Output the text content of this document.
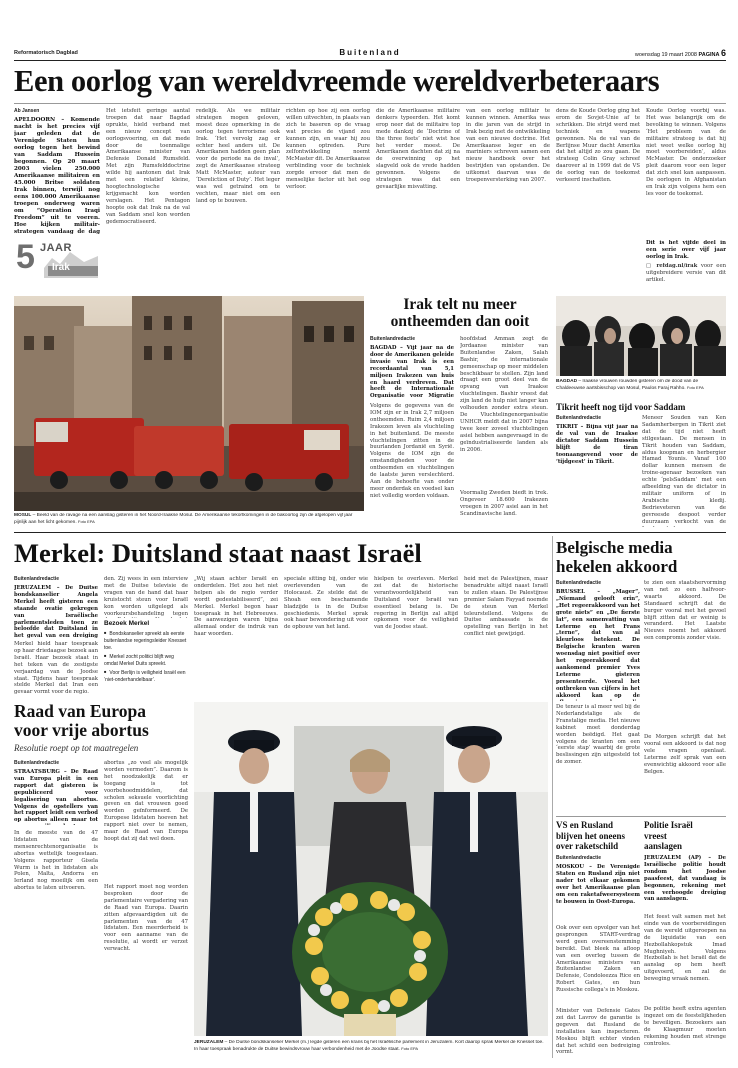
Reformatorisch Dagblad	Buitenland	woensdag 19 maart 2008 PAGINA 6
Een oorlog van wereldvreemde wereldverbeteraars
Ab Jansen

APELDOORN – Komende nacht is het precies vijf jaar geleden dat de Verenigde Staten hun oorlog tegen het bewind van Saddam Hussein begonnen. Op 20 maart 2003 vielen 250.000 Amerikaanse militairen en 45.000 Britse soldaten Irak binnen, terwijl nog eens 100.000 Amerikaanse troepen onderweg waren om “Operation Iraqi Freedom” uit te voeren. Hoe kijken militair-strategen vandaag de dag

5 JAAR
Irak

Het ietsfeit geringe aantal troepen dat naar Bagdad oprukte, hield verband met een nieuw concept van oorlogsvoering, en dat mede door de toenmalige Amerikaanse minister van Defensie Donald Rumsfeld. Met zijn Rumsfelddoctrine wilde hij aantonen dat Irak met een relatief kleine, hoogtechnologische krijgsmacht kon worden verslagen. Het Pentagon hoopte ook dat Irak na de val van Saddam snel kon worden gedemocratiseerd.

redelijk. Als we militair strategen mogen geloven, moest deze opmerking in de oorlog tegen terrorisme ook Irak. ‘Het vervolg zag er echter heel anders uit. De Amerikanen hadden geen plan voor de periode na de inval’, zegt de Amerikaanse strateeg Matt McMaster, auteur van ‘Dereliction of Duty’. Het leger was wel getraind om te vechten, maar niet om een land op te bouwen.

richten op hoe zij een oorlog willen uitvechten, in plaats van zich te baseren op de vraag wat precies de vijand zou kunnen zijn, en waar hij zou kunnen optreden. Pure zelfontwikkeling noemt McMaster dit. De Amerikaanse verblinding voor de techniek zorgde ervoor dat men de menselijke factor uit het oog verloor.

die de Amerikaanse militaire denkers typeerden. Het komt erop neer dat de militaire top mede dankzij de ‘Doctrine of the three feets’ niet wist hoe het verder moest. De Amerikanen dachten dat zij na de overwinning op het slagveld ook de vrede hadden gewonnen. Volgens de strategen was dat een gevaarlijke misvatting.

van een oorlog militair te kunnen winnen. Amerika was in die jaren van de strijd in Irak bezig met de ontwikkeling van een nieuwe doctrine. Het Amerikaanse leger en de mariniers schreven samen een nieuw handboek over het bestrijden van opstanden. De uitkomst daarvan was de troepenversterking van 2007.

dens de Koude Oorlog ging het erom de Sovjet-Unie af te schrikken. Die strijd werd met techniek en wapens gewonnen. Na de val van de Berlijnse Muur dacht Amerika dat het altijd zo zou gaan. De strateeg Colin Gray schreef daarover al in 1999 dat de VS de oorlog van de toekomst verkeerd inschatten.

Koude Oorlog voorbij was. Het was belangrijk om de bevolking te winnen. Volgens ‘Het probleem van de militaire strateeg is dat hij niet weet welke oorlog hij moet voorbereiden’, aldus McMaster. De onderzoeker pleit daarom voor een leger dat zich snel kan aanpassen. De oorlogen in Afghanistan en Irak zijn volgens hem een les voor de toekomst.

Dit is het vijfde deel in een serie over vijf jaar oorlog in Irak.

□ refdag.nl/irak voor een uitgebreidere versie van dit artikel.

MOSUL – Beeld van de ravage na een aanslag gisteren in het Noord-Iraakse Mosul. De Amerikaanse tekortkomingen in de bakoorlog zijn de afgelopen vijf jaar pijnlijk aan het licht gekomen. Foto EPA

Irak telt nu meer
ontheemden dan ooit
Buitenlandredactie

BAGDAD – Vijf jaar na de door de Amerikanen geleide invasie van Irak is een recordaantal van 5,1 miljoen Irakezen van huis en haard verdreven. Dat heeft de Internationale Organisatie voor Migratie

Volgens de gegevens van de IOM zijn er in Irak 2,7 miljoen ontheemden. Ruim 2,4 miljoen Irakezen leven als vluchteling in het buitenland. De meeste vluchtelingen zitten in de buurlanden Jordanië en Syrië. Volgens de IOM zijn de omstandigheden voor de ontheemden en vluchtelingen de laatste jaren verslechterd. Aan de behoefte van onder meer onderdak en voedsel kan niet volledig worden voldaan.

hoofdstad Amman zegt de Jordaanse minister van Buitenlandse Zaken, Salah Bashir, de internationale gemeenschap op meer middelen beschikbaar te stellen. Zijn land draagt een groot deel van de opvang van Iraakse vluchtelingen. Bashir vreest dat zijn land de hulp niet langer kan volhouden zonder extra steun. De Vluchtelingenorganisatie UNHCR meldt dat in 2007 bijna twee keer zoveel vluchtelingen asiel hebben aangevraagd in de geïndustrialiseerde landen als in 2006.

Voormalig Zweden biedt in trek. Ongeveer 18.600 Irakezen vroegen in 2007 asiel aan in het Scandinavische land.

BAGDAD – Iraakse vrouwen rouwden gisteren om de dood van de Chaldeeuwse aartsbisschop van Mosul, Paulos Faraj Rahho. Foto EPA

Tikrit heeft nog tijd voor Saddam
Buitenlandredactie

TIKRIT – Bijna vijf jaar na de val van de Iraakse dictator Saddam Hussein blijft de tiran toonaangevend voor de ‘tijdgeest’ in Tikrit.

Meneer Souden van Ken Sadamherbergen in Tikrit ziet dat de tijd niet heeft stilgestaan. De mensen in Tikrit houden van Saddam, aldus koopman en herbergier Hamad Younis. Vanaf 100 dollar kunnen mensen de troine-agenaar bezoeken van echte ‘pelsSaddam’ met een afbeelding van de dictator in militair uniform of in Arabische kledij. Bedrieveteren van de gevreesde despoot verder duurzaam verkocht van de

Merkel: Duitsland staat naast Israël
Buitenlandredactie

JERUZALEM – De Duitse bondskanselier Angela Merkel heeft gisteren een staande ovatie gekregen van Israëlische parlementsleden toen ze beloofde dat Duitsland in het geval van een dreiging

Merkel hield haar toespraak op haar driedaagse bezoek aan Israël. Haar bezoek staat in het teken van de zestigste verjaardag van de Joodse staat. Tijdens haar toespraak stelde Merkel dat Iran een gevaar vormt voor de regio.

den. Zij wees in een interview met de Duitse televisie de vragen van de hand dat haar kruistocht steun voor Israël kon worden uitgelegd als voorkeursbehandeling tegen

Bezoek Merkel
■ Bondskanselier spreekt als eerste buitenlandse regeringsleider Knesset toe.
■ Merkel zocht politici blijft weg omdat Merkel Duits spreekt.
■ Voor Berlijn is veiligheid Israël een ‘niet-onderhandelbaar’.

„Wij staan achter Israël en onderdelen. Het zou het niet helpen als de regio verder wordt gedestabiliseerd”, zei Merkel. Merkel begon haar toespraak in het Hebreeuws. De aanwezigen waren bijna allemaal onder de indruk van haar woorden.

speciale sitting bij, onder wie overlevenden van de Holocaust. Ze stelde dat de Shoah een beschamende bladzijde is in de Duitse geschiedenis. Merkel sprak ook haar bewondering uit voor de opbouw van het land.

hielpen te overleven. Merkel zei dat de historische verantwoordelijkheid van Duitsland voor Israël van essentieel belang is. De regering in Berlijn zal altijd opkomen voor de veiligheid van de Joodse staat.

heid met de Palestijnen, maar benadrukte altijd naast Israël te zullen staan. De Palestijnse premier Salam Fayyad noemde de steun van Merkel teleurstellend. Volgens de Duitse ambassade is de opstelling van Berlijn in het conflict niet gewijzigd.

Raad van Europa
voor vrije abortus
Resolutie roept op tot maatregelen
Buitenlandredactie

STRAATSBURG – De Raad van Europa pleit in een rapport dat gisteren is gepubliceerd voor legalisering van abortus. Volgens de opstellers van het rapport leidt een verbod op abortus alleen maar tot

In de meeste van de 47 lidstaten van de mensenrechtenorganisatie is abortus wettelijk toegestaan. Volgens rapporteur Gisela Wurm is het in lidstaten als Polen, Malta, Andorra en Ierland nog moeilijk om een abortus te laten uitvoeren.

abortus „zo veel als mogelijk worden vermeden”. Daarom is het noodzakelijk dat er toegang is tot voorbehoedmiddelen, dat scholen seksuele voorlichting geven en dat vrouwen goed worden geïnformeerd. De Europese lidstaten hoeven het rapport niet over te nemen, maar de Raad van Europa hoopt dat zij dat wel doen.

Het rapport moet nog worden besproken door de parlementaire vergadering van de Raad van Europa. Daarin zitten afgevaardigden uit de parlementen van de 47 lidstaten. Een meerderheid is voor een aanname van de resolutie, al wordt er verzet verwacht.

JERUZALEM – De Duitse bondskanselier Merkel (m.) legde gisteren een krans bij het Israëlische parlement in Jeruzalem. Kort daarop sprak Merkel de Knesset toe. In haar toespraak benadrukte de Duitse bewindsvrouw haar verbondenheid met de Joodse staat. Foto EPA

Belgische media
hekelen akkoord
Buitenlandredactie

BRUSSEL – „Mager”, „Niemand gelooft erin”, „Het regeerakkoord van het grote niets” en „De fierste lat”, een samenvatting van Leterme en het Frans „terne”, dat van al kleurloos betekent. De Belgische kranten waren woensdag niet positief over het regeerakkoord dat aankomend premier Yves Leterme gisteren presenteerde. Vooral het ontbreken van cijfers in het akkoord kan op de

De teneur is al meer wel bij de Nederlandstalige als de Franstalige media. Het nieuwe kabinet moet donderdag worden beëdigd. Het gaat volgens de kranten om een ‘eerste stap’ waarbij de grote beslissingen zijn uitgesteld tot de zomer.

te zien een staatshervorming van net zo een halfvoor-waarts akkoord. De Standaard schrijft dat de burger vooral met het gevoel blijft zitten dat er weinig is veranderd. Het Laatste Nieuws noemt het akkoord een compromis zonder visie.

De Morgen schrijft dat het vooral een akkoord is dat nog vele vragen openlaat. Leterme zelf sprak van een evenwichtig akkoord voor alle Belgen.

VS en Rusland
blijven het oneens
over raketschild
Buitenlandredactie

MOSKOU – De Verenigde Staten en Rusland zijn niet nader tot elkaar gekomen over het Amerikaanse plan om een raketafweersysteem te bouwen in Oost-Europa.

Ook over een opvolger van het gesprongen START-verdrag werd geen overeenstemming bereikt. Dat bleek na afloop van een overleg tussen de Amerikaanse ministers van Buitenlandse Zaken en Defensie, Condoleezza Rice en Robert Gates, en hun Russische collega’s in Moskou.

Minister van Defensie Gates zei dat Lavrov de garantie is gegeven dat Rusland de installaties kan inspecteren. Moskou blijft echter vinden dat het schild een bedreiging vormt.

Politie Israël
vreest
aanslagen

JERUZALEM (AP) – De Israëlische politie houdt rondom het Joodse paasfeest, dat vandaag is begonnen, rekening met een verhoogde dreiging van aanslagen.

Het feest valt samen met het einde van de voorbereidingen van de wereld uitgeroepen na de liquidatie van een Hezbollahkopstuk Imad Mughniyeh. Volgens Hezbollah is het Israël dat de aanslag op hem heeft uitgevoerd, en zal de beweging wraak nemen.

De politie heeft extra agenten ingezet om de feestelijkheden te beveiligen. Bezoekers aan de Klaagmuur moeten rekening houden met strenge controles.
